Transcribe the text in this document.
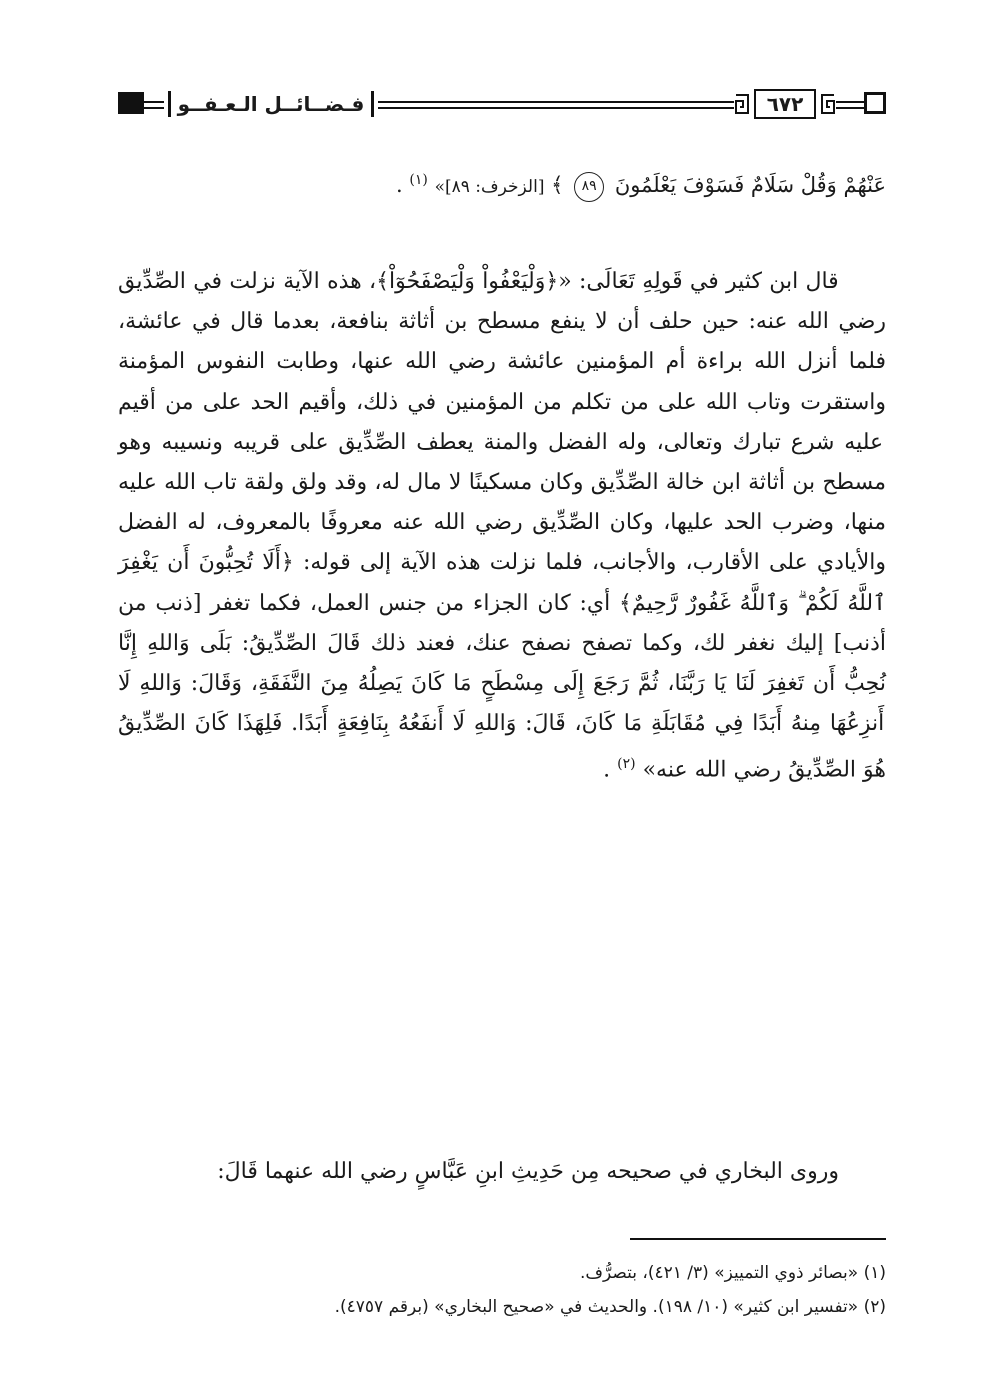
فـضــائــل الـعـفــو	٦٧٢
عَنْهُمْ وَقُلْ سَلَامٌ فَسَوْفَ يَعْلَمُونَ ٨٩ ﴾ [الزخرف: ٨٩]» $^{(١)}$ .
قال ابن كثير في قَولِهِ تَعَالَى: «﴿وَلْيَعْفُواْ وَلْيَصْفَحُوٓاْ﴾، هذه الآية نزلت في الصِّدِّيق رضي الله عنه: حين حلف أن لا ينفع مسطح بن أثاثة بنافعة، بعدما قال في عائشة، فلما أنزل الله براءة أم المؤمنين عائشة رضي الله عنها، وطابت النفوس المؤمنة واستقرت وتاب الله على من تكلم من المؤمنين في ذلك، وأقيم الحد على من أقيم عليه شرع تبارك وتعالى، وله الفضل والمنة يعطف الصِّدِّيق على قريبه ونسيبه وهو مسطح بن أثاثة ابن خالة الصِّدِّيق وكان مسكينًا لا مال له، وقد ولق ولقة تاب الله عليه منها، وضرب الحد عليها، وكان الصِّدِّيق رضي الله عنه معروفًا بالمعروف، له الفضل والأيادي على الأقارب، والأجانب، فلما نزلت هذه الآية إلى قوله: ﴿أَلَا تُحِبُّونَ أَن يَغْفِرَ ٱللَّهُ لَكُمْ ۗ وَٱللَّهُ غَفُورٌ رَّحِيمٌ﴾ أي: كان الجزاء من جنس العمل، فكما تغفر [ذنب من أذنب] إليك نغفر لك، وكما تصفح نصفح عنك، فعند ذلك قَالَ الصِّدِّيقُ: بَلَى وَاللهِ إِنَّا نُحِبُّ أَن تَغفِرَ لَنَا يَا رَبَّنَا، ثُمَّ رَجَعَ إِلَى مِسْطَحٍ مَا كَانَ يَصِلُهُ مِنَ النَّفَقَةِ، وَقَالَ: وَاللهِ لَا أَنزِعُهَا مِنهُ أَبَدًا فِي مُقَابَلَةِ مَا كَانَ، قَالَ: وَاللهِ لَا أَنفَعُهُ بِنَافِعَةٍ أَبَدًا. فَلِهَذَا كَانَ الصِّدِّيقُ هُوَ الصِّدِّيقُ رضي الله عنه» $^{(٢)}$ .
وروى البخاري في صحيحه مِن حَدِيثِ ابنِ عَبَّاسٍ رضي الله عنهما قَالَ:
(١) «بصائر ذوي التمييز» (٣/ ٤٢١)، بتصرُّف.
(٢) «تفسير ابن كثير» (١٠/ ١٩٨). والحديث في «صحيح البخاري» (برقم ٤٧٥٧).
